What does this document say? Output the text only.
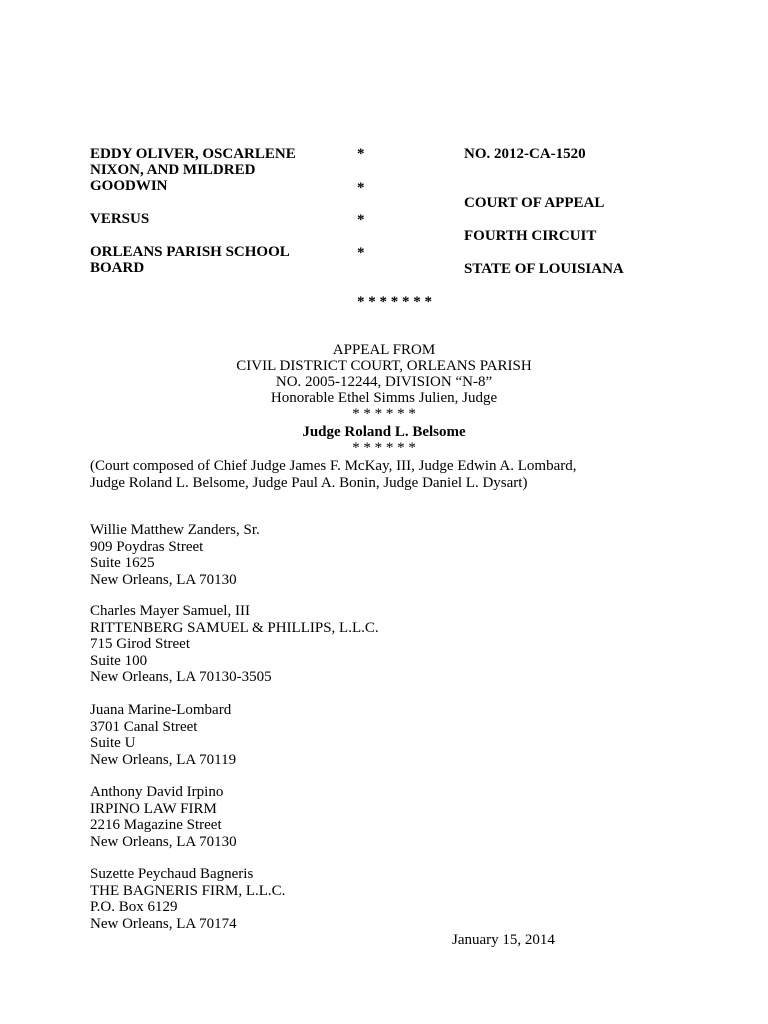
EDDY OLIVER, OSCARLENE
NIXON, AND MILDRED
GOODWIN
VERSUS
ORLEANS PARISH SCHOOL
BOARD
*
*
*
*
NO. 2012-CA-1520
COURT OF APPEAL
FOURTH CIRCUIT
STATE OF LOUISIANA
* * * * * * *
APPEAL FROM
CIVIL DISTRICT COURT, ORLEANS PARISH
NO. 2005-12244, DIVISION “N-8”
Honorable Ethel Simms Julien, Judge
* * * * * *
Judge Roland L. Belsome
* * * * * *
(Court composed of Chief Judge James F. McKay, III, Judge Edwin A. Lombard,
Judge Roland L. Belsome, Judge Paul A. Bonin, Judge Daniel L. Dysart)
Willie Matthew Zanders, Sr.
909 Poydras Street
Suite 1625
New Orleans, LA 70130
Charles Mayer Samuel, III
RITTENBERG SAMUEL & PHILLIPS, L.L.C.
715 Girod Street
Suite 100
New Orleans, LA 70130-3505
Juana Marine-Lombard
3701 Canal Street
Suite U
New Orleans, LA 70119
Anthony David Irpino
IRPINO LAW FIRM
2216 Magazine Street
New Orleans, LA 70130
Suzette Peychaud Bagneris
THE BAGNERIS FIRM, L.L.C.
P.O. Box 6129
New Orleans, LA 70174
January 15, 2014
